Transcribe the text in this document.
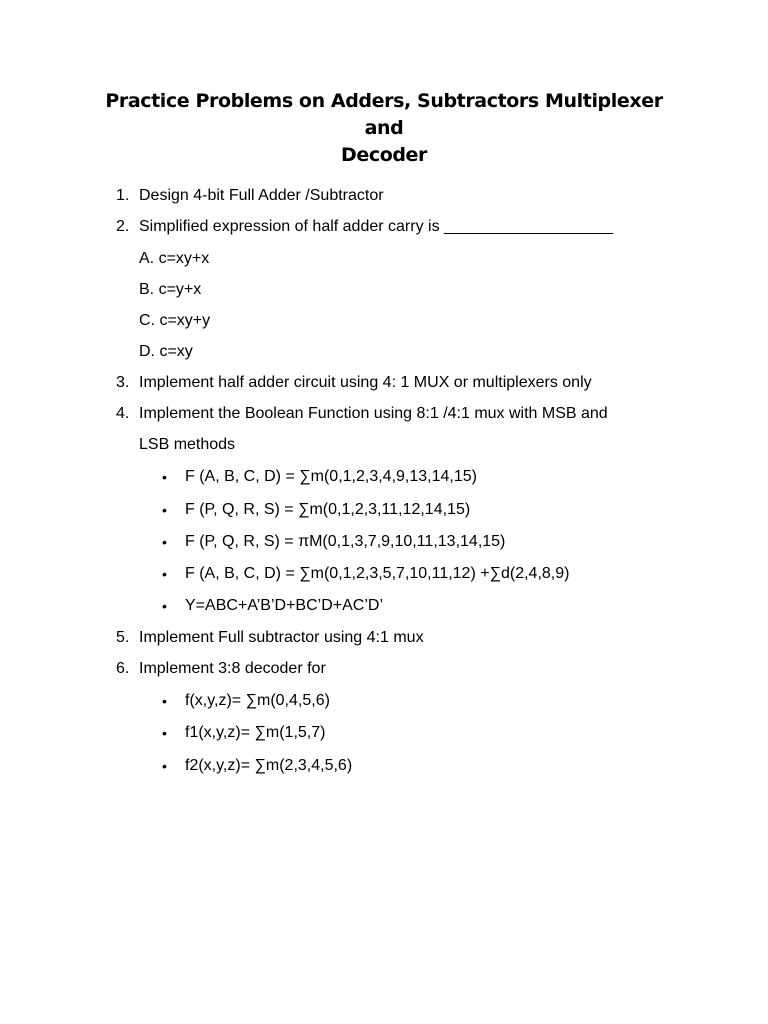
Practice Problems on Adders, Subtractors Multiplexer and
Decoder
1. Design 4-bit Full Adder /Subtractor
2. Simplified expression of half adder carry is ___________________
A. c=xy+x
B. c=y+x
C. c=xy+y
D. c=xy
3. Implement half adder circuit using 4: 1 MUX or multiplexers only
4. Implement the Boolean Function using 8:1 /4:1 mux with MSB and
LSB methods
• F (A, B, C, D) = ∑m(0,1,2,3,4,9,13,14,15)
• F (P, Q, R, S) = ∑m(0,1,2,3,11,12,14,15)
• F (P, Q, R, S) = πM(0,1,3,7,9,10,11,13,14,15)
• F (A, B, C, D) = ∑m(0,1,2,3,5,7,10,11,12) +∑d(2,4,8,9)
• Y=ABC+A’B’D+BC’D+AC’D’
5. Implement Full subtractor using 4:1 mux
6. Implement 3:8 decoder for
• f(x,y,z)= ∑m(0,4,5,6)
• f1(x,y,z)= ∑m(1,5,7)
• f2(x,y,z)= ∑m(2,3,4,5,6)
